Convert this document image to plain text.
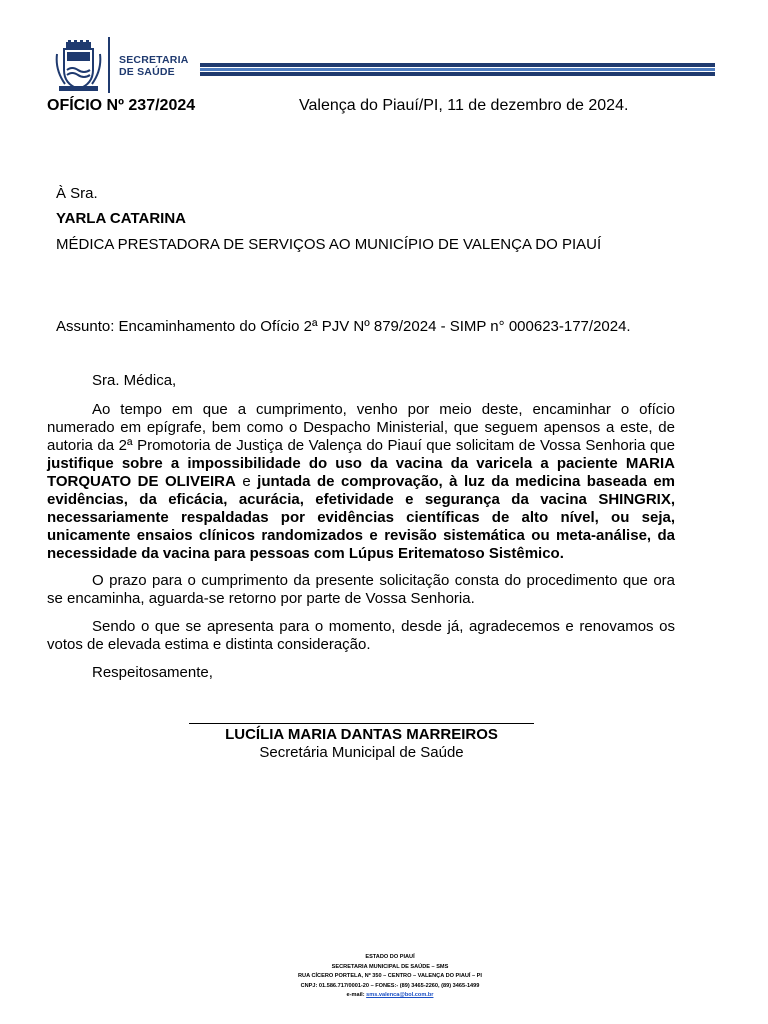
SECRETARIA
DE SAÚDE
OFÍCIO Nº 237/2024	Valença do Piauí/PI, 11 de dezembro de 2024.
À Sra.
YARLA CATARINA
MÉDICA PRESTADORA DE SERVIÇOS AO MUNICÍPIO DE VALENÇA DO PIAUÍ
Assunto: Encaminhamento do Ofício 2ª PJV Nº 879/2024 - SIMP n° 000623-177/2024.
Sra. Médica,
Ao tempo em que a cumprimento, venho por meio deste, encaminhar o ofício numerado em epígrafe, bem como o Despacho Ministerial, que seguem apensos a este, de autoria da 2ª Promotoria de Justiça de Valença do Piauí que solicitam de Vossa Senhoria que justifique sobre a impossibilidade do uso da vacina da varicela a paciente MARIA TORQUATO DE OLIVEIRA e juntada de comprovação, à luz da medicina baseada em evidências, da eficácia, acurácia, efetividade e segurança da vacina SHINGRIX, necessariamente respaldadas por evidências científicas de alto nível, ou seja, unicamente ensaios clínicos randomizados e revisão sistemática ou meta-análise, da necessidade da vacina para pessoas com Lúpus Eritematoso Sistêmico.
O prazo para o cumprimento da presente solicitação consta do procedimento que ora se encaminha, aguarda-se retorno por parte de Vossa Senhoria.
Sendo o que se apresenta para o momento, desde já, agradecemos e renovamos os votos de elevada estima e distinta consideração.
Respeitosamente,
LUCÍLIA MARIA DANTAS MARREIROS
Secretária Municipal de Saúde
ESTADO DO PIAUÍ
SECRETARIA MUNICIPAL DE SAÚDE – SMS
RUA CÍCERO PORTELA, Nº 350 – CENTRO – VALENÇA DO PIAUÍ – PI
CNPJ: 01.586.717/0001-20 – FONES:- (89) 3465-2260, (89) 3465-1499
e-mail: sms.valenca@bol.com.br
